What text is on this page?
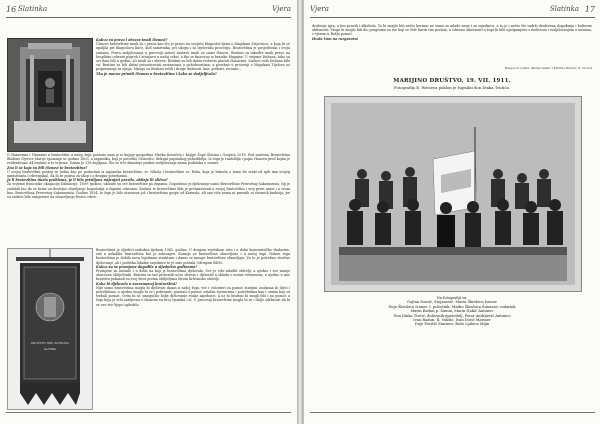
16 Slatinka	Vjera
Kakvu su pravu i obveze imali članovi?
Članovi bratovštine imali su i prava kao što je pravo na svojeću blagoslov-ljenu o blagdanu Svijećnice, a koja bi se upaljila pri blagoslovu kuće, kod samrtnika, pri ukopu i za tijelovsku procesiju. Bratovština je posjedovala i svoju zastavu. Pravo sudjelovanja u procesiji noseći zastavu imali su samo članovi. Bratimi su također imali pravo na besplatni crkveni pogreb i zvonjavu u našoj crkvi, a tko se finacirao iz bratske blagajne. U vrijeme Duhana, tako su ovi dani bili u godini, ali imali su i obveze. Bratimi su bili dužni redovito plaćati članarinu. Zadaće ovih Duhana bile su: Bratimi su bili dužni prisustvovati sastancima u pobožnostima, a posebno u procesiji o blagdanu Tijelova uz pripremanje za njega. Mnogo su Bratimi vršili i druge dužnosti, kao: grobari, zvonari...
Tko je morao primiti članom u bratovštinu i kako se dodjeljivalo?
O članovima i članarini u bratovštini u našoj župi poznato nam je iz knjige gospodina Slavka Kovačića i knjige Župe Slatina i Gospića 2016. Pod nazivom Bratovština Blažene Djevice Marije spominje se godine 1603. u zapisniku, koji je potvrdio Grisostto, delegat papinskog pohoditelja. Iz toga je razdoblja i popis članova pred kojim je evidentirano 44 bratimi u to vrijeme. Danas je 136 župljana. Što se tiče današnje prakse sudjelovanja nema podataka o ovome.
Zna li se koja su bili članovi te bratovštine?
U svojoj bratovštini postoji se jedan kao po podacima iz zapisnika bratovštine, sv. Nikola i bratovštine sv. Roka, koja je brinula o tome da svaki od njih ima svojeg ministranta (crkvenjaka), da ih se poziva za ukop i o drugim potrebama.
Je li bratovština imala problema, je li bila prisiljena mijenjati pravila, obilaje ili slično?
Za vrijeme francuske okupacije Dalmacije, 1809. godine, ukinute su sve bratovštine po župama. Dopušteno je djelovanje samo Bratovštine Presvetog Sakramenta, čiji je zadatak bio da se brine za dostojno obavljanje bogoslužja u župnim crkvama. Zadaća te bratovštine bila je preimenovati u svojoj bratovštini i svoj pravi naziv i u svom kao: Bratovština Presvetog Sakramenta. Godine 1934. te župi je bilo osnovana još i bratovština gospe od Karmela, ali ona više nema ni pravnih ni stvarnih funkcija, jer su zadaće bile usmjerene na obnavljanje života crkve.
DRUŠTVO HRV. KATOLIKA
SLATINA
Bratovština je sljedeći zaslužna tijekom 1945. godine. U drugom svjetskom ratu i u doba komunističke vladavine, rad u nekoliko bratovština bio je zabranjen. Kasnije su bratovštine obnovljene i u našoj župi. Nakon toga bratovština je dobila novu legitimnu strukturu i danas se mnoge bratovštine obnavljaju. Za to je potrebno stručno djelovanje, ali i podrška lokalne zajednice te je zato postala Udrugom BDM.
Kakvo su se promjene dogodile u sljedećim godinama?
Promjene su nastale i u dobu na koji je bratovština djelovala. Sve je više mladih obitelji, a ujedno i sve manje obavezno obilježenih. Bratimi su tad prihvatili nove obveze i djelovali u skladu s novim vremenom, a ujedno u ime bratstva pokazali su svoj život prema obilježjima života kršćanske obitelji.
Kako bi djelovala u suvremenoj bratovštini?
Nije samo bratovština mogla bi djelovati danas u našoj župi, već i volonteri za pomoć starijim osobama ili djeci i potrebitima, a ujedno mogla bi se i pobrinuti, pozivati u pomoć ostalim vjernicima i potrebitima kao i onima koji su trebali pomoć. Ovim bi se omogućilo bolje djelovanje svake zajednice, a uz to bratimi bi mogli biti i na pomoć u župi koja je vrlo zahtjevna s obzirom na broj vjernika i sl. U procesiji bratovštine mogla bi se i dalje održavati da bi se ovo sve lijepo ogledalo.
Vjera	Slatinka 17
druženje igra, a bez pravih i alkohola. To bi moglo biti nešto korisno ne samo za mlade nego i za zajednicu, a to je i nešto što sadrži društvena događanja i kulturne aktivnosti. Stoga bi moglo biti dio programa za sve koji se žele baviti tim poslom, a crkvene aktivnosti u župi bi bile upotpunjene s molitvom i sudjelovanjem u misama, s vjerom u Božju pomoć.
Hvala Vam na razgovoru!
Razgovor vodile: Marija Nakić i Marina Pavičić, 8. razred
MARIJINO DRUŠTVO, 19. VII. 1911.
Fotografija E. Wessera poklon je župniku don Dinka Trutića.
Na fotografiji su:
Gojtan Domić, Stojanović, Marin Škrobica Ivanov
Duje Škrobica Ivanov, I. pobočnik, Marko Škrobica Šimunov, rudarnik
Marin Radun p. Šimun, Marin Nakić Antunov
Don Dinko Trutić, duhovnik-upravitelj, Petar Andrijević Antunov
Ivan Radun, II. Vukšić, Ivan Dorić Mariner
Duje Pavičić Marinov, Božo Ljubica Mijin
